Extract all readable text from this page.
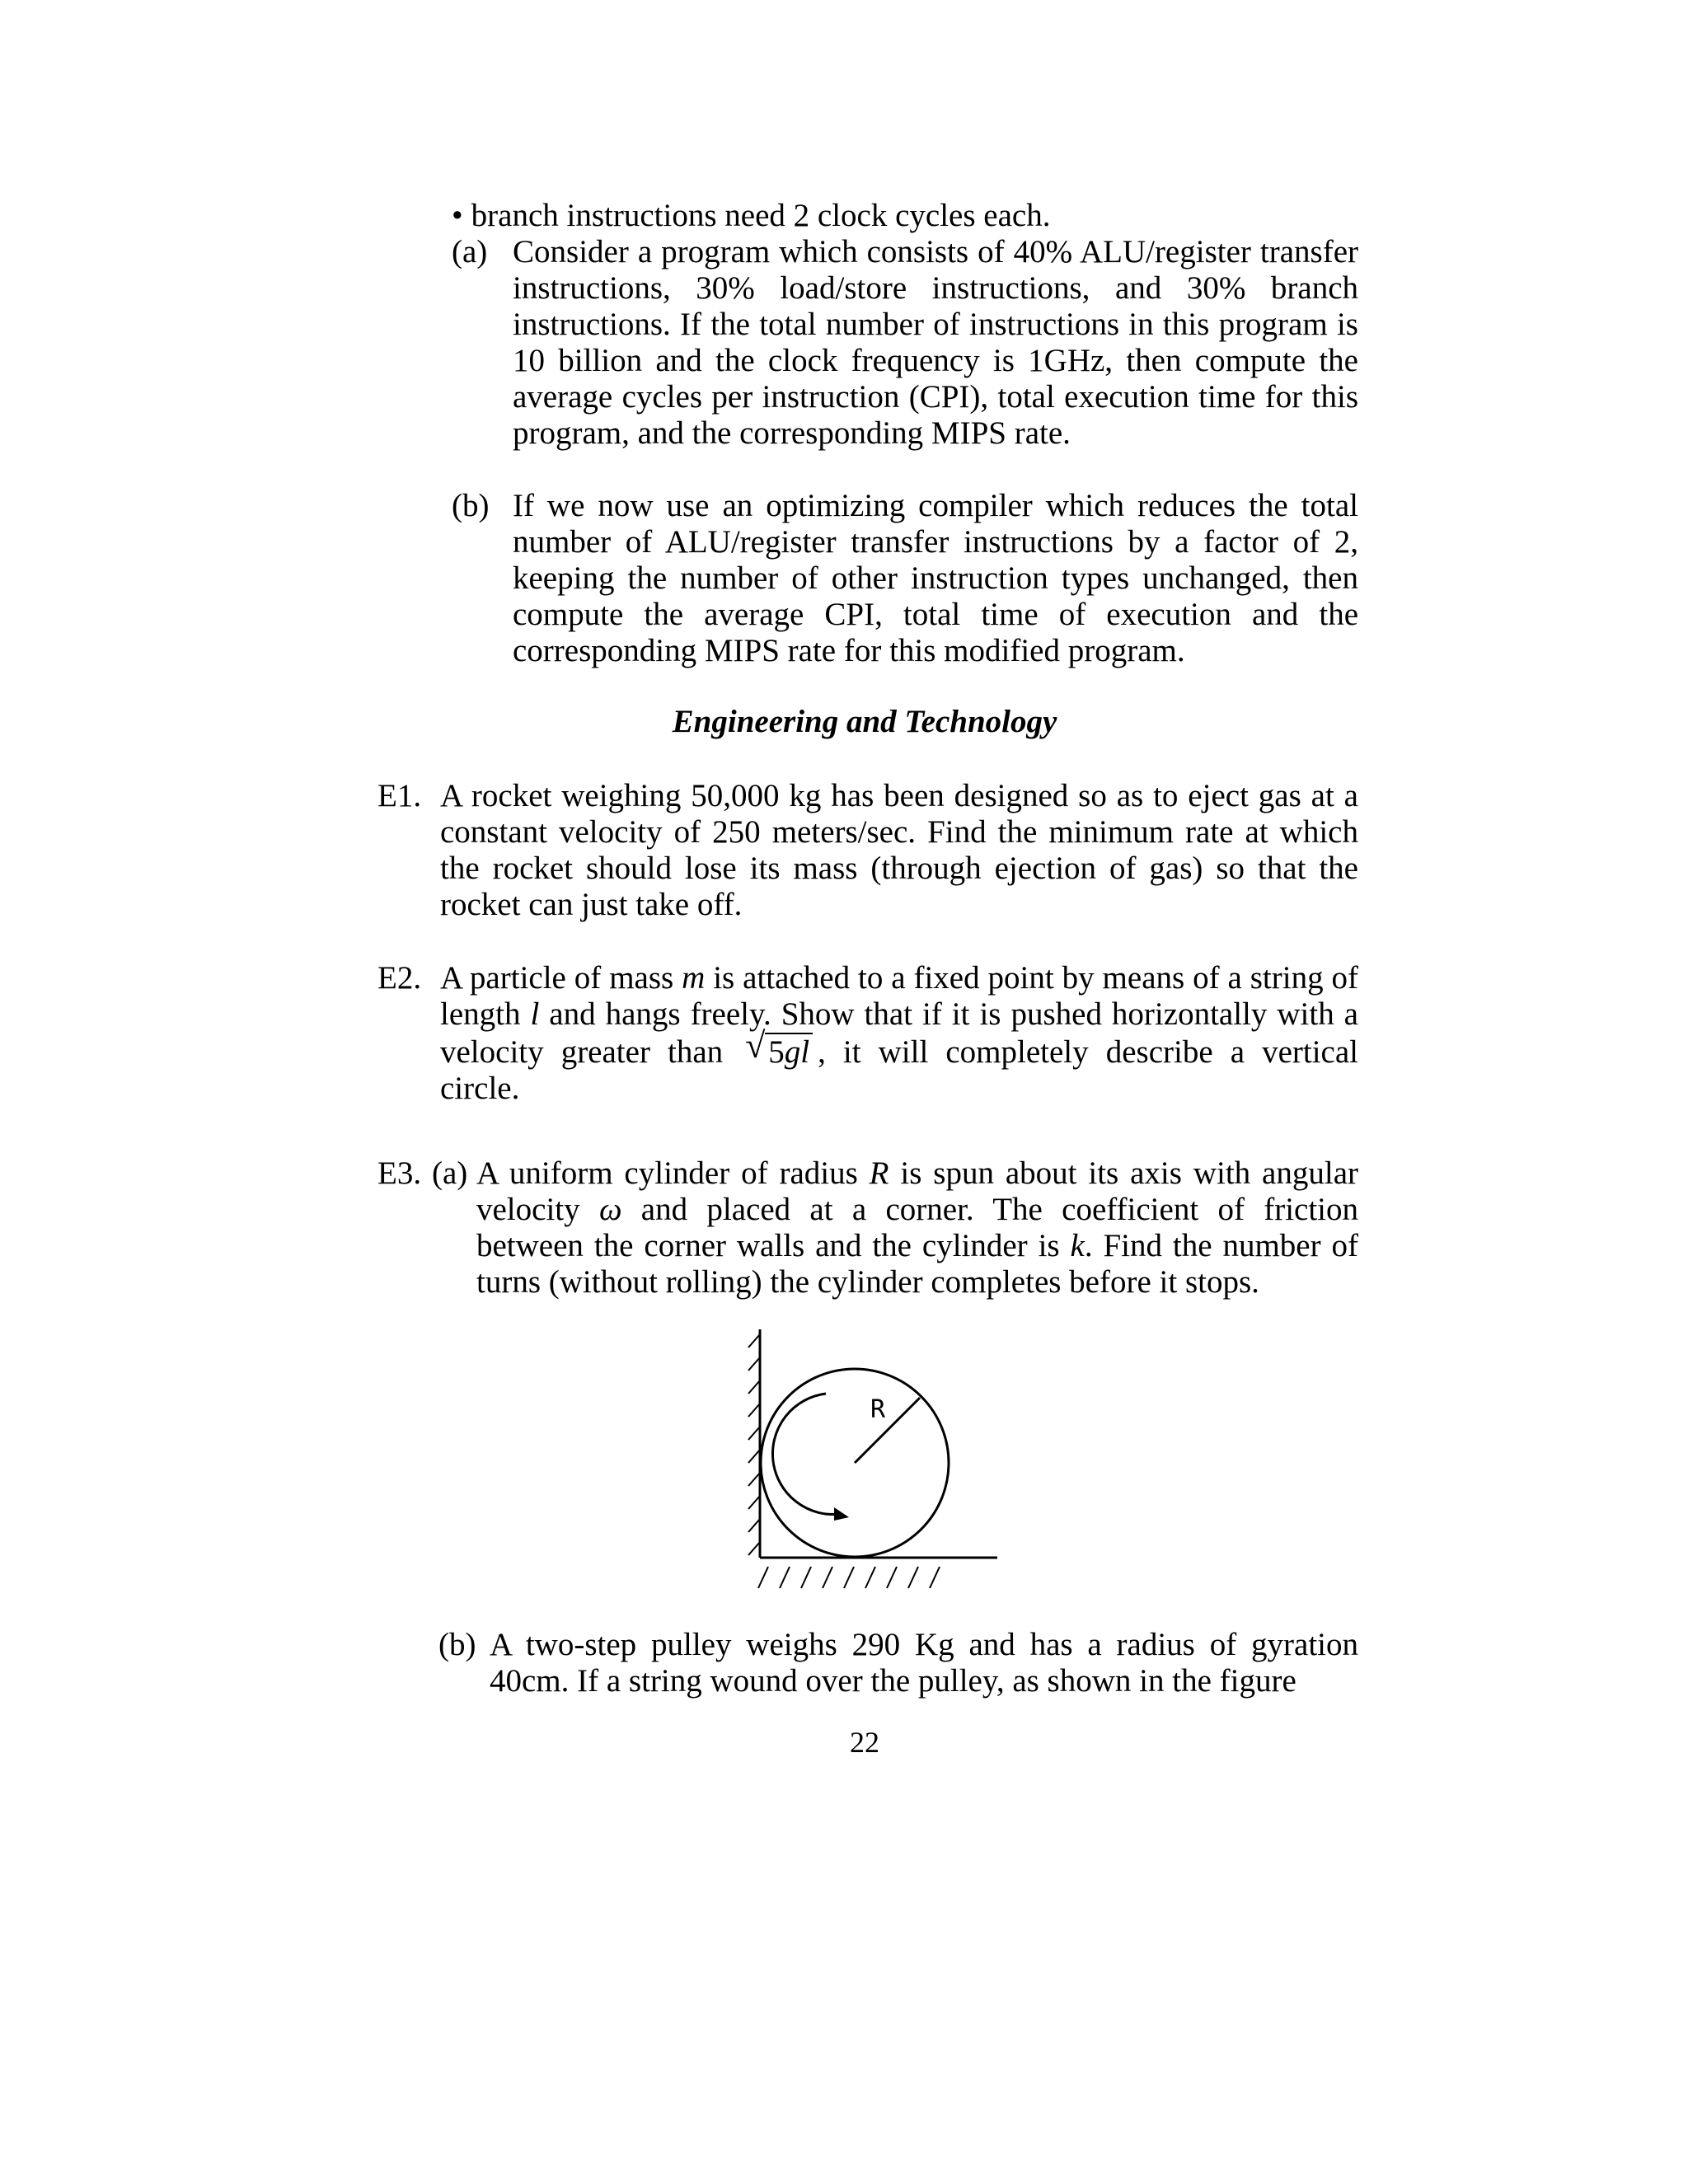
• branch instructions need 2 clock cycles each.
(a) Consider a program which consists of 40% ALU/register transfer instructions, 30% load/store instructions, and 30% branch instructions. If the total number of instructions in this program is 10 billion and the clock frequency is 1GHz, then compute the average cycles per instruction (CPI), total execution time for this program, and the corresponding MIPS rate.
(b) If we now use an optimizing compiler which reduces the total number of ALU/register transfer instructions by a factor of 2, keeping the number of other instruction types unchanged, then compute the average CPI, total time of execution and the corresponding MIPS rate for this modified program.
Engineering and Technology
E1. A rocket weighing 50,000 kg has been designed so as to eject gas at a constant velocity of 250 meters/sec. Find the minimum rate at which the rocket should lose its mass (through ejection of gas) so that the rocket can just take off.
E2. A particle of mass m is attached to a fixed point by means of a string of length l and hangs freely. Show that if it is pushed horizontally with a velocity greater than √ 5gl , it will completely describe a vertical circle.
E3. (a) A uniform cylinder of radius R is spun about its axis with angular velocity ω and placed at a corner. The coefficient of friction between the corner walls and the cylinder is k. Find the number of turns (without rolling) the cylinder completes before it stops.
R
(b) A two-step pulley weighs 290 Kg and has a radius of gyration 40cm. If a string wound over the pulley, as shown in the figure
22
